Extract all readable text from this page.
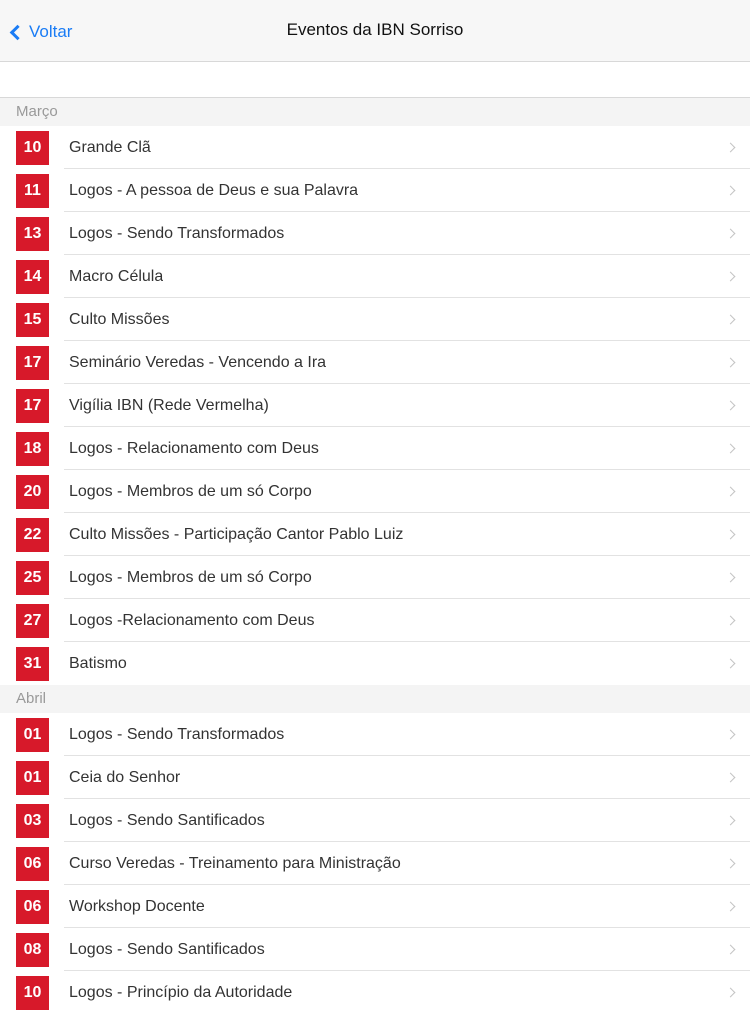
Voltar	Eventos da IBN Sorriso
Março
10	Grande Clã
11	Logos - A pessoa de Deus e sua Palavra
13	Logos - Sendo Transformados
14	Macro Célula
15	Culto Missões
17	Seminário Veredas - Vencendo a Ira
17	Vigília IBN (Rede Vermelha)
18	Logos - Relacionamento com Deus
20	Logos - Membros de um só Corpo
22	Culto Missões - Participação Cantor Pablo Luiz
25	Logos - Membros de um só Corpo
27	Logos -Relacionamento com Deus
31	Batismo
Abril
01	Logos - Sendo Transformados
01	Ceia do Senhor
03	Logos - Sendo Santificados
06	Curso Veredas - Treinamento para Ministração
06	Workshop Docente
08	Logos - Sendo Santificados
10	Logos - Princípio da Autoridade
